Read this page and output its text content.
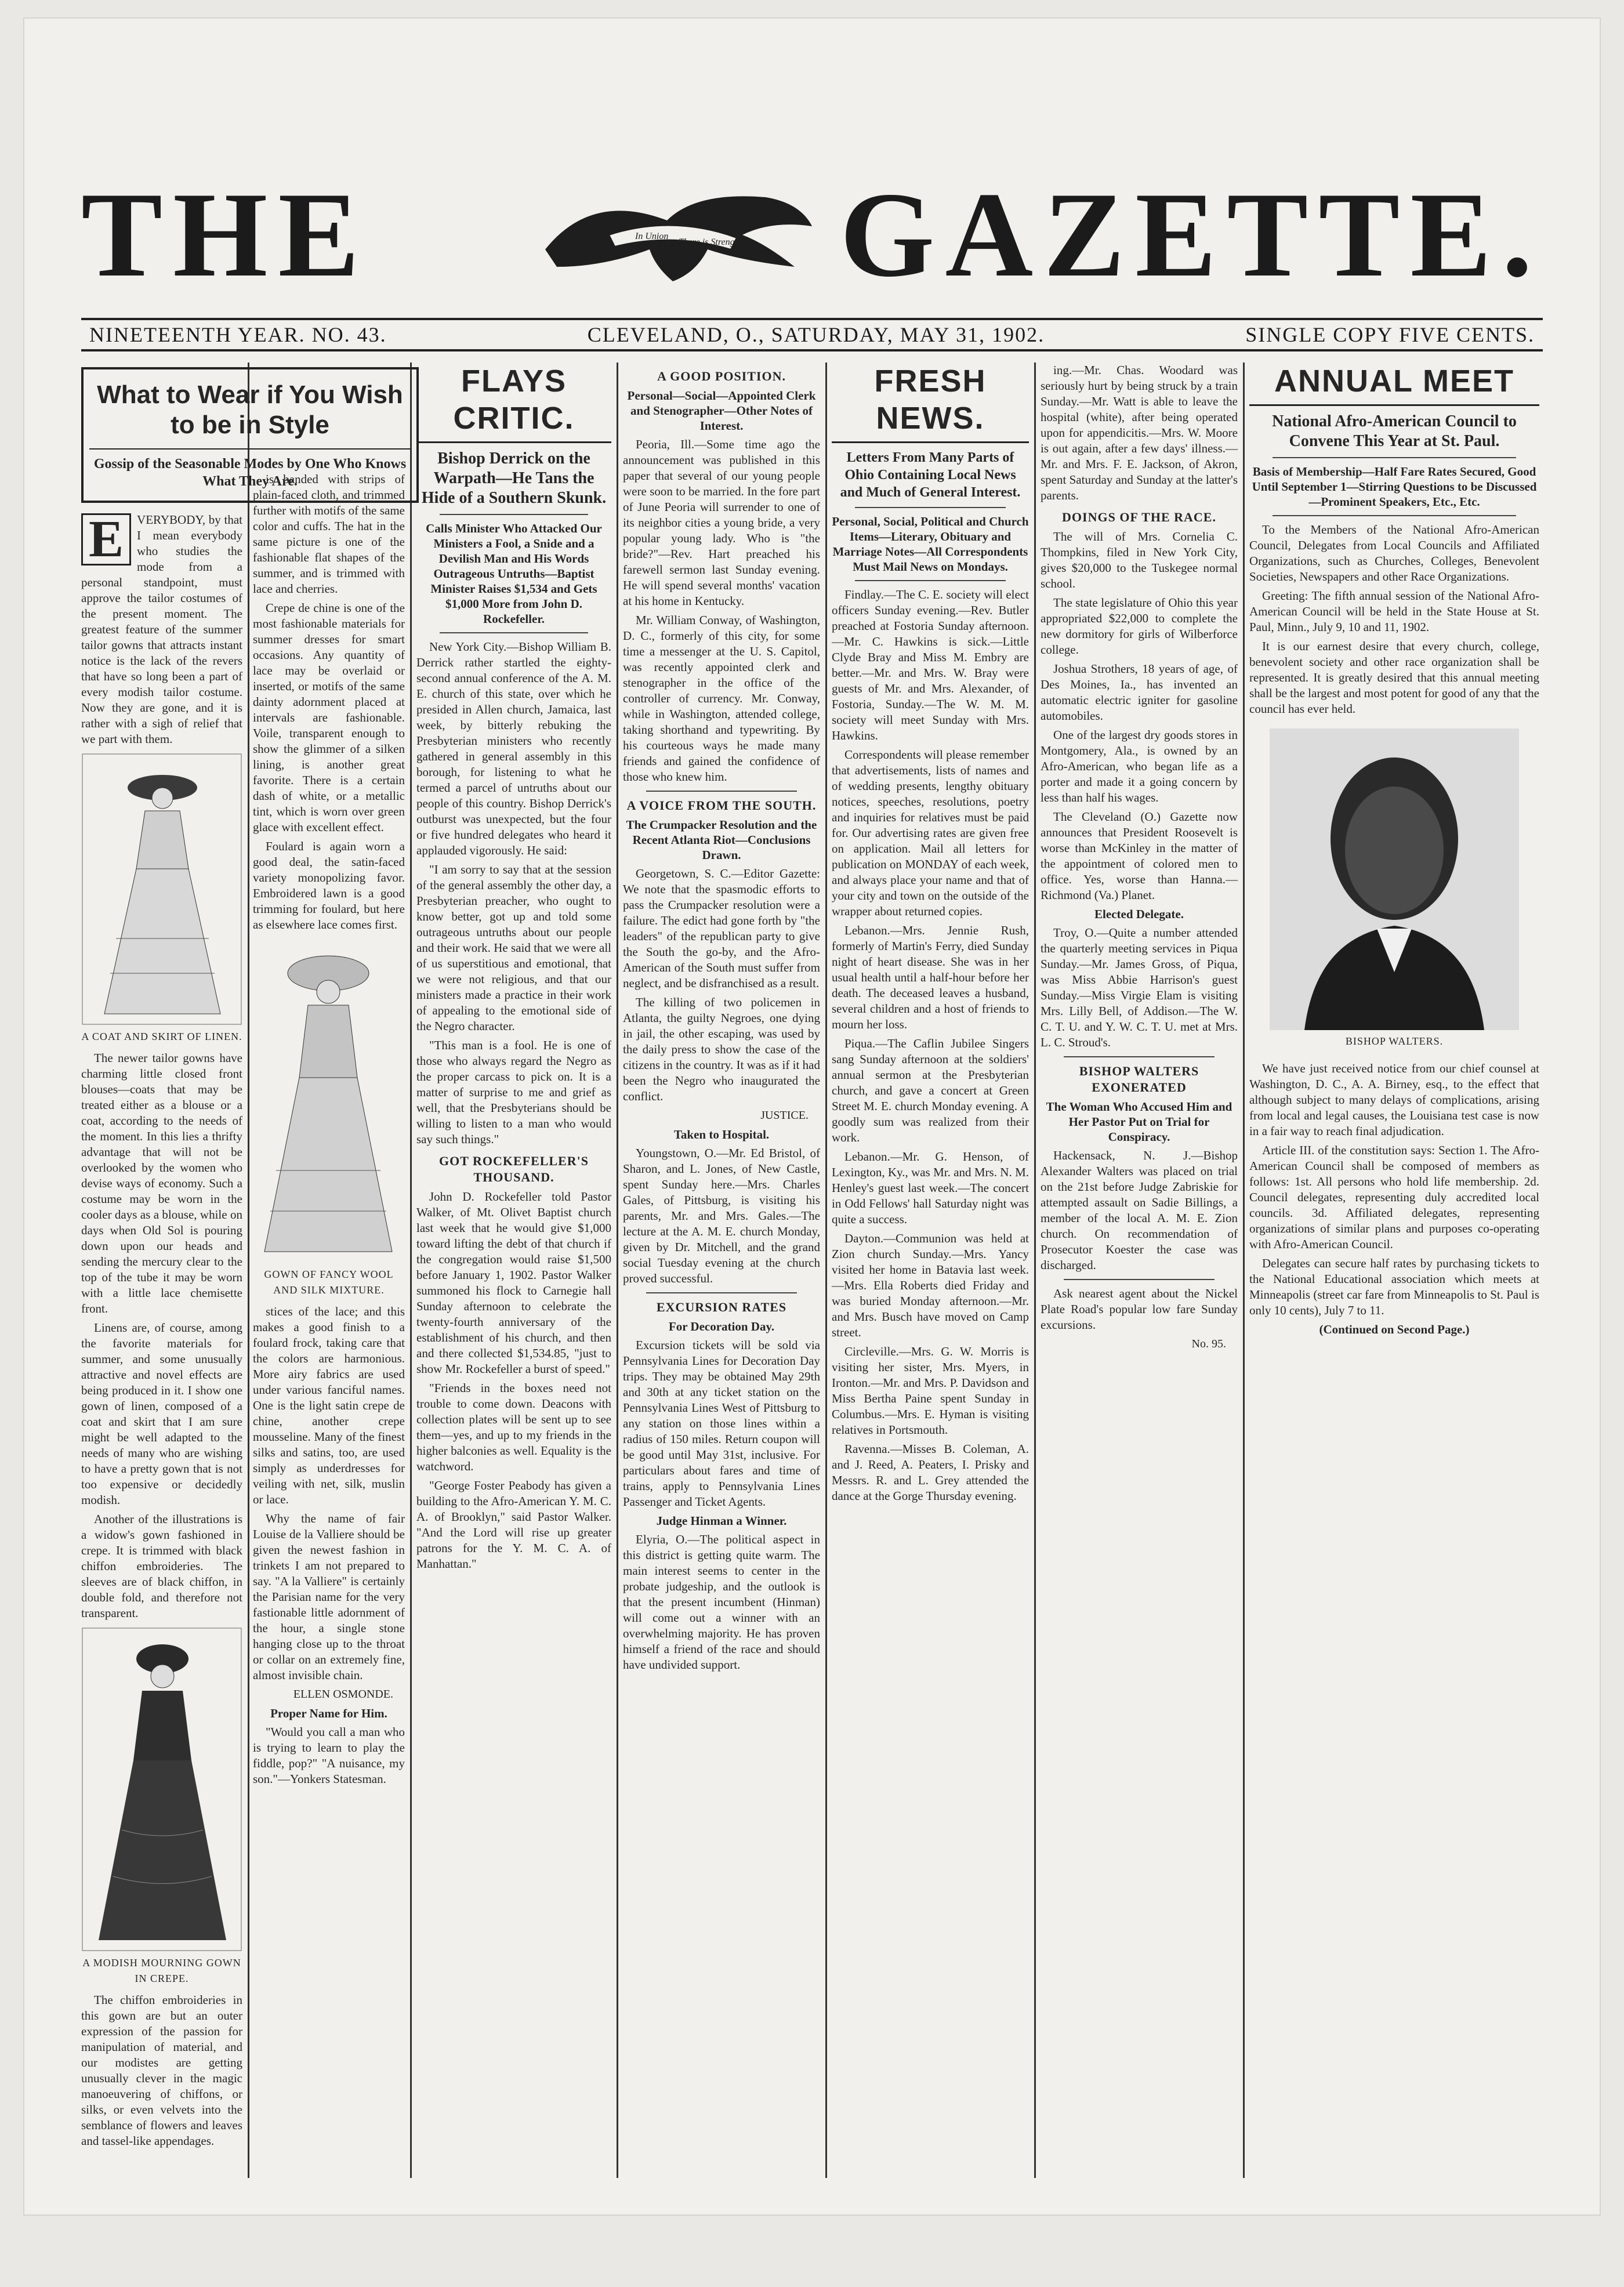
THE	In Union
There is Strength. GAZETTE.
NINETEENTH YEAR. NO. 43.	CLEVELAND, O., SATURDAY, MAY 31, 1902.	SINGLE COPY FIVE CENTS.
What to Wear if You Wish to be in Style
Gossip of the Seasonable Modes by One Who Knows What They Are.

E	VERYBODY, by that I mean everybody who studies the mode from a personal standpoint, must approve the tailor costumes of the present moment. The greatest feature of the summer tailor gowns that attracts instant notice is the lack of the revers that have so long been a part of every modish tailor costume. Now they are gone, and it is rather with a sigh of relief that we part with them.

A COAT AND SKIRT OF LINEN.

The newer tailor gowns have charming little closed front blouses—coats that may be treated either as a blouse or a coat, according to the needs of the moment. In this lies a thrifty advantage that will not be overlooked by the women who devise ways of economy. Such a costume may be worn in the cooler days as a blouse, while on days when Old Sol is pouring down upon our heads and sending the mercury clear to the top of the tube it may be worn with a little lace chemisette front.

Linens are, of course, among the favorite materials for summer, and some unusually attractive and novel effects are being produced in it. I show one gown of linen, composed of a coat and skirt that I am sure might be well adapted to the needs of many who are wishing to have a pretty gown that is not too expensive or decidedly modish.

Another of the illustrations is a widow's gown fashioned in crepe. It is trimmed with black chiffon embroideries. The sleeves are of black chiffon, in double fold, and therefore not transparent.

A MODISH MOURNING GOWN IN CREPE.

The chiffon embroideries in this gown are but an outer expression of the passion for manipulation of material, and our modistes are getting unusually clever in the magic manoeuvering of chiffons, or silks, or even velvets into the semblance of flowers and leaves and tassel-like appendages.

is banded with strips of plain-faced cloth, and trimmed further with motifs of the same color and cuffs. The hat in the same picture is one of the fashionable flat shapes of the summer, and is trimmed with lace and cherries.

Crepe de chine is one of the most fashionable materials for summer dresses for smart occasions. Any quantity of lace may be overlaid or inserted, or motifs of the same dainty adornment placed at intervals are fashionable. Voile, transparent enough to show the glimmer of a silken lining, is another great favorite. There is a certain dash of white, or a metallic tint, which is worn over green glace with excellent effect.

Foulard is again worn a good deal, the satin-faced variety monopolizing favor. Embroidered lawn is a good trimming for foulard, but here as elsewhere lace comes first.

GOWN OF FANCY WOOL AND SILK MIXTURE.

stices of the lace; and this makes a good finish to a foulard frock, taking care that the colors are harmonious. More airy fabrics are used under various fanciful names. One is the light satin crepe de chine, another crepe mousseline. Many of the finest silks and satins, too, are used simply as underdresses for veiling with net, silk, muslin or lace.

Why the name of fair Louise de la Valliere should be given the newest fashion in trinkets I am not prepared to say. "A la Valliere" is certainly the Parisian name for the very fastionable little adornment of the hour, a single stone hanging close up to the throat or collar on an extremely fine, almost invisible chain.

ELLEN OSMONDE.
Proper Name for Him.

"Would you call a man who is trying to learn to play the fiddle, pop?" "A nuisance, my son."—Yonkers Statesman.

FLAYS CRITIC.
Bishop Derrick on the Warpath—He Tans the Hide of a Southern Skunk.
Calls Minister Who Attacked Our Ministers a Fool, a Snide and a Devilish Man and His Words Outrageous Untruths—Baptist Minister Raises $1,534 and Gets $1,000 More from John D. Rockefeller.

New York City.—Bishop William B. Derrick rather startled the eighty-second annual conference of the A. M. E. church of this state, over which he presided in Allen church, Jamaica, last week, by bitterly rebuking the Presbyterian ministers who recently gathered in general assembly in this borough, for listening to what he termed a parcel of untruths about our people of this country. Bishop Derrick's outburst was unexpected, but the four or five hundred delegates who heard it applauded vigorously. He said:

"I am sorry to say that at the session of the general assembly the other day, a Presbyterian preacher, who ought to know better, got up and told some outrageous untruths about our people and their work. He said that we were all of us superstitious and emotional, that we were not religious, and that our ministers made a practice in their work of appealing to the emotional side of the Negro character.

"This man is a fool. He is one of those who always regard the Negro as the proper carcass to pick on. It is a matter of surprise to me and grief as well, that the Presbyterians should be willing to listen to a man who would say such things."

GOT ROCKEFELLER'S THOUSAND.

John D. Rockefeller told Pastor Walker, of Mt. Olivet Baptist church last week that he would give $1,000 toward lifting the debt of that church if the congregation would raise $1,500 before January 1, 1902. Pastor Walker summoned his flock to Carnegie hall Sunday afternoon to celebrate the twenty-fourth anniversary of the establishment of his church, and then and there collected $1,534.85, "just to show Mr. Rockefeller a burst of speed."

"Friends in the boxes need not trouble to come down. Deacons with collection plates will be sent up to see them—yes, and up to my friends in the higher balconies as well. Equality is the watchword.

"George Foster Peabody has given a building to the Afro-American Y. M. C. A. of Brooklyn," said Pastor Walker. "And the Lord will rise up greater patrons for the Y. M. C. A. of Manhattan."

A GOOD POSITION.
Personal—Social—Appointed Clerk and Stenographer—Other Notes of Interest.

Peoria, Ill.—Some time ago the announcement was published in this paper that several of our young people were soon to be married. In the fore part of June Peoria will surrender to one of its neighbor cities a young bride, a very popular young lady. Who is "the bride?"—Rev. Hart preached his farewell sermon last Sunday evening. He will spend several months' vacation at his home in Kentucky.

Mr. William Conway, of Washington, D. C., formerly of this city, for some time a messenger at the U. S. Capitol, was recently appointed clerk and stenographer in the office of the controller of currency. Mr. Conway, while in Washington, attended college, taking shorthand and typewriting. By his courteous ways he made many friends and gained the confidence of those who knew him.

A VOICE FROM THE SOUTH.
The Crumpacker Resolution and the Recent Atlanta Riot—Conclusions Drawn.

Georgetown, S. C.—Editor Gazette: We note that the spasmodic efforts to pass the Crumpacker resolution were a failure. The edict had gone forth by "the leaders" of the republican party to give the South the go-by, and the Afro-American of the South must suffer from neglect, and be disfranchised as a result.

The killing of two policemen in Atlanta, the guilty Negroes, one dying in jail, the other escaping, was used by the daily press to show the case of the citizens in the country. It was as if it had been the Negro who inaugurated the conflict.

JUSTICE.
Taken to Hospital.

Youngstown, O.—Mr. Ed Bristol, of Sharon, and L. Jones, of New Castle, spent Sunday here.—Mrs. Charles Gales, of Pittsburg, is visiting his parents, Mr. and Mrs. Gales.—The lecture at the A. M. E. church Monday, given by Dr. Mitchell, and the grand social Tuesday evening at the church proved successful.

EXCURSION RATES
For Decoration Day.

Excursion tickets will be sold via Pennsylvania Lines for Decoration Day trips. They may be obtained May 29th and 30th at any ticket station on the Pennsylvania Lines West of Pittsburg to any station on those lines within a radius of 150 miles. Return coupon will be good until May 31st, inclusive. For particulars about fares and time of trains, apply to Pennsylvania Lines Passenger and Ticket Agents.

Judge Hinman a Winner.

Elyria, O.—The political aspect in this district is getting quite warm. The main interest seems to center in the probate judgeship, and the outlook is that the present incumbent (Hinman) will come out a winner with an overwhelming majority. He has proven himself a friend of the race and should have undivided support.

FRESH NEWS.
Letters From Many Parts of Ohio Containing Local News and Much of General Interest.
Personal, Social, Political and Church Items—Literary, Obituary and Marriage Notes—All Correspondents Must Mail News on Mondays.

Findlay.—The C. E. society will elect officers Sunday evening.—Rev. Butler preached at Fostoria Sunday afternoon.—Mr. C. Hawkins is sick.—Little Clyde Bray and Miss M. Embry are better.—Mr. and Mrs. W. Bray were guests of Mr. and Mrs. Alexander, of Fostoria, Sunday.—The W. M. M. society will meet Sunday with Mrs. Hawkins.

Correspondents will please remember that advertisements, lists of names and of wedding presents, lengthy obituary notices, speeches, resolutions, poetry and inquiries for relatives must be paid for. Our advertising rates are given free on application. Mail all letters for publication on MONDAY of each week, and always place your name and that of your city and town on the outside of the wrapper about returned copies.

Lebanon.—Mrs. Jennie Rush, formerly of Martin's Ferry, died Sunday night of heart disease. She was in her usual health until a half-hour before her death. The deceased leaves a husband, several children and a host of friends to mourn her loss.

Piqua.—The Caflin Jubilee Singers sang Sunday afternoon at the soldiers' annual sermon at the Presbyterian church, and gave a concert at Green Street M. E. church Monday evening. A goodly sum was realized from their work.

Lebanon.—Mr. G. Henson, of Lexington, Ky., was Mr. and Mrs. N. M. Henley's guest last week.—The concert in Odd Fellows' hall Saturday night was quite a success.

Dayton.—Communion was held at Zion church Sunday.—Mrs. Yancy visited her home in Batavia last week.—Mrs. Ella Roberts died Friday and was buried Monday afternoon.—Mr. and Mrs. Busch have moved on Camp street.

Circleville.—Mrs. G. W. Morris is visiting her sister, Mrs. Myers, in Ironton.—Mr. and Mrs. P. Davidson and Miss Bertha Paine spent Sunday in Columbus.—Mrs. E. Hyman is visiting relatives in Portsmouth.

Ravenna.—Misses B. Coleman, A. and J. Reed, A. Peaters, I. Prisky and Messrs. R. and L. Grey attended the dance at the Gorge Thursday evening.

ing.—Mr. Chas. Woodard was seriously hurt by being struck by a train Sunday.—Mr. Watt is able to leave the hospital (white), after being operated upon for appendicitis.—Mrs. W. Moore is out again, after a few days' illness.—Mr. and Mrs. F. E. Jackson, of Akron, spent Saturday and Sunday at the latter's parents.

DOINGS OF THE RACE.

The will of Mrs. Cornelia C. Thompkins, filed in New York City, gives $20,000 to the Tuskegee normal school.

The state legislature of Ohio this year appropriated $22,000 to complete the new dormitory for girls of Wilberforce college.

Joshua Strothers, 18 years of age, of Des Moines, Ia., has invented an automatic electric igniter for gasoline automobiles.

One of the largest dry goods stores in Montgomery, Ala., is owned by an Afro-American, who began life as a porter and made it a going concern by less than half his wages.

The Cleveland (O.) Gazette now announces that President Roosevelt is worse than McKinley in the matter of the appointment of colored men to office. Yes, worse than Hanna.—Richmond (Va.) Planet.

Elected Delegate.

Troy, O.—Quite a number attended the quarterly meeting services in Piqua Sunday.—Mr. James Gross, of Piqua, was Miss Abbie Harrison's guest Sunday.—Miss Virgie Elam is visiting Mrs. Lilly Bell, of Addison.—The W. C. T. U. and Y. W. C. T. U. met at Mrs. L. C. Stroud's.

BISHOP WALTERS EXONERATED
The Woman Who Accused Him and Her Pastor Put on Trial for Conspiracy.

Hackensack, N. J.—Bishop Alexander Walters was placed on trial on the 21st before Judge Zabriskie for attempted assault on Sadie Billings, a member of the local A. M. E. Zion church. On recommendation of Prosecutor Koester the case was discharged.

Ask nearest agent about the Nickel Plate Road's popular low fare Sunday excursions.

No. 95.
ANNUAL MEET
National Afro-American Council to Convene This Year at St. Paul.
Basis of Membership—Half Fare Rates Secured, Good Until September 1—Stirring Questions to be Discussed—Prominent Speakers, Etc., Etc.

To the Members of the National Afro-American Council, Delegates from Local Councils and Affiliated Organizations, such as Churches, Colleges, Benevolent Societies, Newspapers and other Race Organizations.

Greeting: The fifth annual session of the National Afro-American Council will be held in the State House at St. Paul, Minn., July 9, 10 and 11, 1902.

It is our earnest desire that every church, college, benevolent society and other race organization shall be represented. It is greatly desired that this annual meeting shall be the largest and most potent for good of any that the council has ever held.

BISHOP WALTERS.

We have just received notice from our chief counsel at Washington, D. C., A. A. Birney, esq., to the effect that although subject to many delays of complications, arising from local and legal causes, the Louisiana test case is now in a fair way to reach final adjudication.

Article III. of the constitution says: Section 1. The Afro-American Council shall be composed of members as follows: 1st. All persons who hold life membership. 2d. Council delegates, representing duly accredited local councils. 3d. Affiliated delegates, representing organizations of similar plans and purposes co-operating with Afro-American Council.

Delegates can secure half rates by purchasing tickets to the National Educational association which meets at Minneapolis (street car fare from Minneapolis to St. Paul is only 10 cents), July 7 to 11.

(Continued on Second Page.)
